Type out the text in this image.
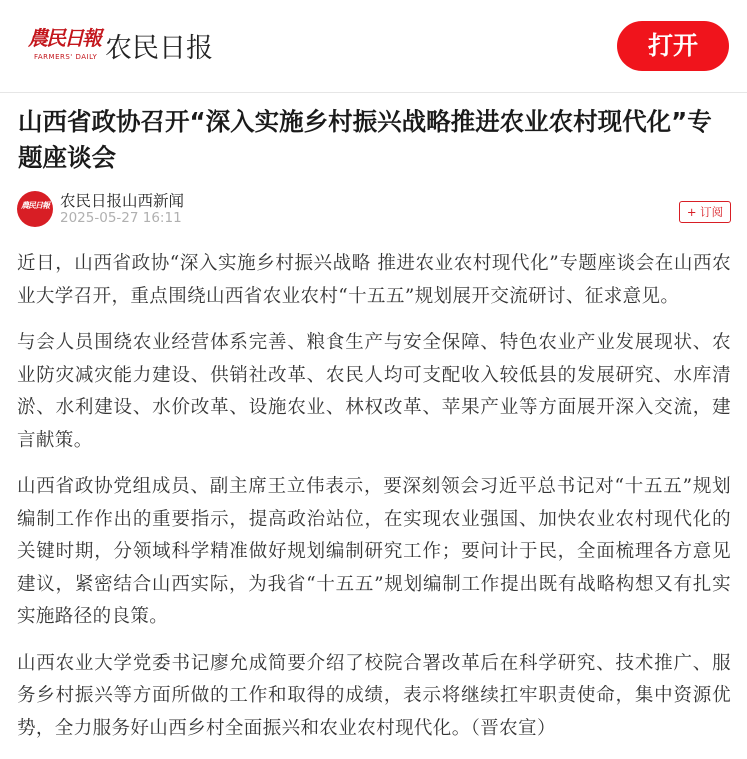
農民日報
FARMERS' DAILY 农民日报	打开
山西省政协召开“深入实施乡村振兴战略推进农业农村现代化”专题座谈会
農民日報 农民日报山西新闻
2025-05-27 16:11	+ 订阅

近日，山西省政协“深入实施乡村振兴战略 推进农业农村现代化”专题座谈会在山西农业大学召开，重点围绕山西省农业农村“十五五”规划展开交流研讨、征求意见。

与会人员围绕农业经营体系完善、粮食生产与安全保障、特色农业产业发展现状、农业防灾减灾能力建设、供销社改革、农民人均可支配收入较低县的发展研究、水库清淤、水利建设、水价改革、设施农业、林权改革、苹果产业等方面展开深入交流，建言献策。

山西省政协党组成员、副主席王立伟表示，要深刻领会习近平总书记对“十五五”规划编制工作作出的重要指示，提高政治站位，在实现农业强国、加快农业农村现代化的关键时期，分领域科学精准做好规划编制研究工作；要问计于民，全面梳理各方意见建议，紧密结合山西实际，为我省“十五五”规划编制工作提出既有战略构想又有扎实实施路径的良策。

山西农业大学党委书记廖允成简要介绍了校院合署改革后在科学研究、技术推广、服务乡村振兴等方面所做的工作和取得的成绩，表示将继续扛牢职责使命，集中资源优势，全力服务好山西乡村全面振兴和农业农村现代化。（晋农宣）
